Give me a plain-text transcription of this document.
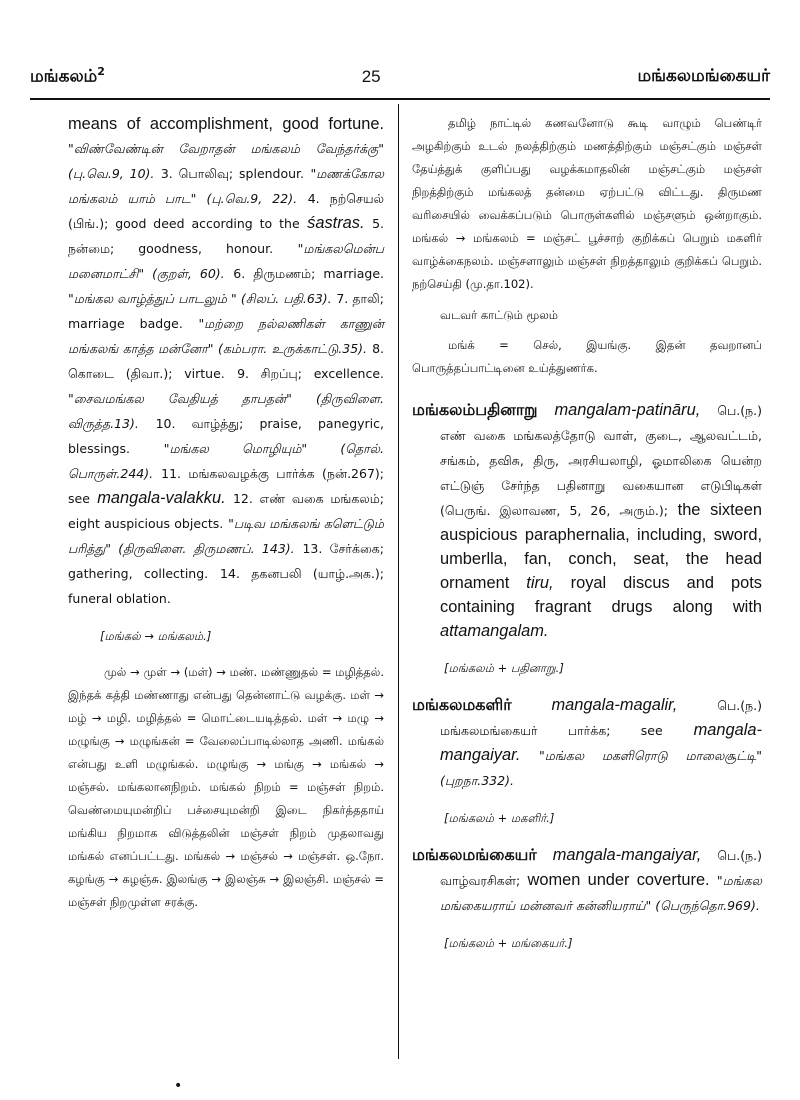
மங்கலம்$^2$	25	மங்கலமங்கையர்

means of accomplishment, good fortune. "விண்வேண்டின் வேறாதன் மங்கலம் வேந்தர்க்கு" (பு.வெ.9, 10). 3. பொலிவு; splendour. "மணக்கோல மங்கலம் யாம் பாட" (பு.வெ.9, 22). 4. நற்செயல் (பிங்.); good deed according to the śastras. 5. நன்மை; goodness, honour. "மங்கலமென்ப மனைமாட்சி" (குறள், 60). 6. திருமணம்; marriage. "மங்கல வாழ்த்துப் பாடலும் " (சிலப். பதி.63). 7. தாலி; marriage badge. "மற்றை நல்லணிகள் காணுன் மங்கலங் காத்த மன்னோ" (கம்பரா. உருக்காட்டு.35). 8. கொடை (திவா.); virtue. 9. சிறப்பு; excellence. "சைவமங்கல வேதியத் தாபதன்" (திருவிளை. விருத்த.13). 10. வாழ்த்து; praise, panegyric, blessings.	"மங்கல மொழியும்" (தொல். பொருள்.244). 11. மங்கலவழக்கு பார்க்க (நன்.267); see mangala-valakku. 12. எண் வகை மங்கலம்; eight auspicious objects. "படிவ மங்கலங் களெட்டும் பரித்து" (திருவிளை. திருமணப். 143). 13. சேர்க்கை; gathering, collecting. 14. தகனபலி (யாழ்.அக.); funeral oblation.

[மங்கல் → மங்கலம்.]

முல் → முள் → (மள்) → மண். மண்ணுதல் = மழித்தல். இந்தக் கத்தி மண்ணாது என்பது தென்னாட்டு வழக்கு. மள் → மழ் → மழி. மழித்தல் = மொட்டையடித்தல். மள் → மழு → மழுங்கு → மழுங்கன் = வேலைப்பாடில்லாத அணி. மங்கல் என்பது உளி மழுங்கல். மழுங்கு → மங்கு → மங்கல் → மஞ்சல். மங்கலானநிறம். மங்கல் நிறம் = மஞ்சள் நிறம். வெண்மையுமன்றிப் பச்சையுமன்றி இடை நிகர்த்ததாய் மங்கிய நிறமாக விடுத்தலின் மஞ்சள் நிறம் முதலாவது மங்கல் எனப்பட்டது. மங்கல் → மஞ்சல் → மஞ்சள். ஒ.நோ. கழங்கு → கழஞ்சு. இலங்கு → இலஞ்சு → இலஞ்சி. மஞ்சல் = மஞ்சள் நிறமுள்ள சரக்கு.

தமிழ் நாட்டில் கணவனோடு கூடி வாழும் பெண்டிர் அழகிற்கும் உடல் நலத்திற்கும் மணத்திற்கும் மஞ்சட்கும் மஞ்சள் தேய்த்துக் குளிப்பது வழக்கமாதலின் மஞ்சட்கும் மஞ்சள் நிறத்திற்கும் மங்கலத் தன்மை ஏற்பட்டு விட்டது. திருமண வரிசையில் வைக்கப்படும் பொருள்களில் மஞ்சளும் ஒன்றாகும். மங்கல் → மங்கலம் = மஞ்சட் பூச்சாற் குறிக்கப் பெறும் மகளிர் வாழ்க்கைநலம். மஞ்சளாலும் மஞ்சள் நிறத்தாலும் குறிக்கப் பெறும். நற்செய்தி (மு.தா.102).

வடவர் காட்டும் மூலம்

மங்க் = செல், இயங்கு. இதன் தவறானப் பொருத்தப்பாட்டினை உய்த்துணர்க.

மங்கலம்பதினாறு mangalam-patināru, பெ.(ந.) எண் வகை மங்கலத்தோடு வாள், குடை, ஆலவட்டம், சங்கம், தவிசு, திரு, அரசியலாழி, ஓமாலிகை யென்ற எட்டுஞ் சேர்ந்த பதினாறு வகையான எடுபிடிகள் (பெருங். இலாவண, 5, 26, அரும்.); the sixteen auspicious paraphernalia, including, sword, umberlla, fan, conch, seat, the head ornament tiru, royal discus and pots containing fragrant drugs along with attamangalam.
[மங்கலம் + பதினாறு.]
மங்கலமகளிர் mangala-magalir,	பெ.(ந.) மங்கலமங்கையர் பார்க்க; see mangala-mangaiyar. "மங்கல மகளிரொடு மாலைசூட்டி" (புறநா.332).
[மங்கலம் + மகளிர்.]
மங்கலமங்கையர் mangala-mangaiyar, பெ.(ந.) வாழ்வரசிகள்; women under coverture. "மங்கல மங்கையராய் மன்னவர் கன்னியராய்" (பெருந்தொ.969).
[மங்கலம் + மங்கையர்.]
•
